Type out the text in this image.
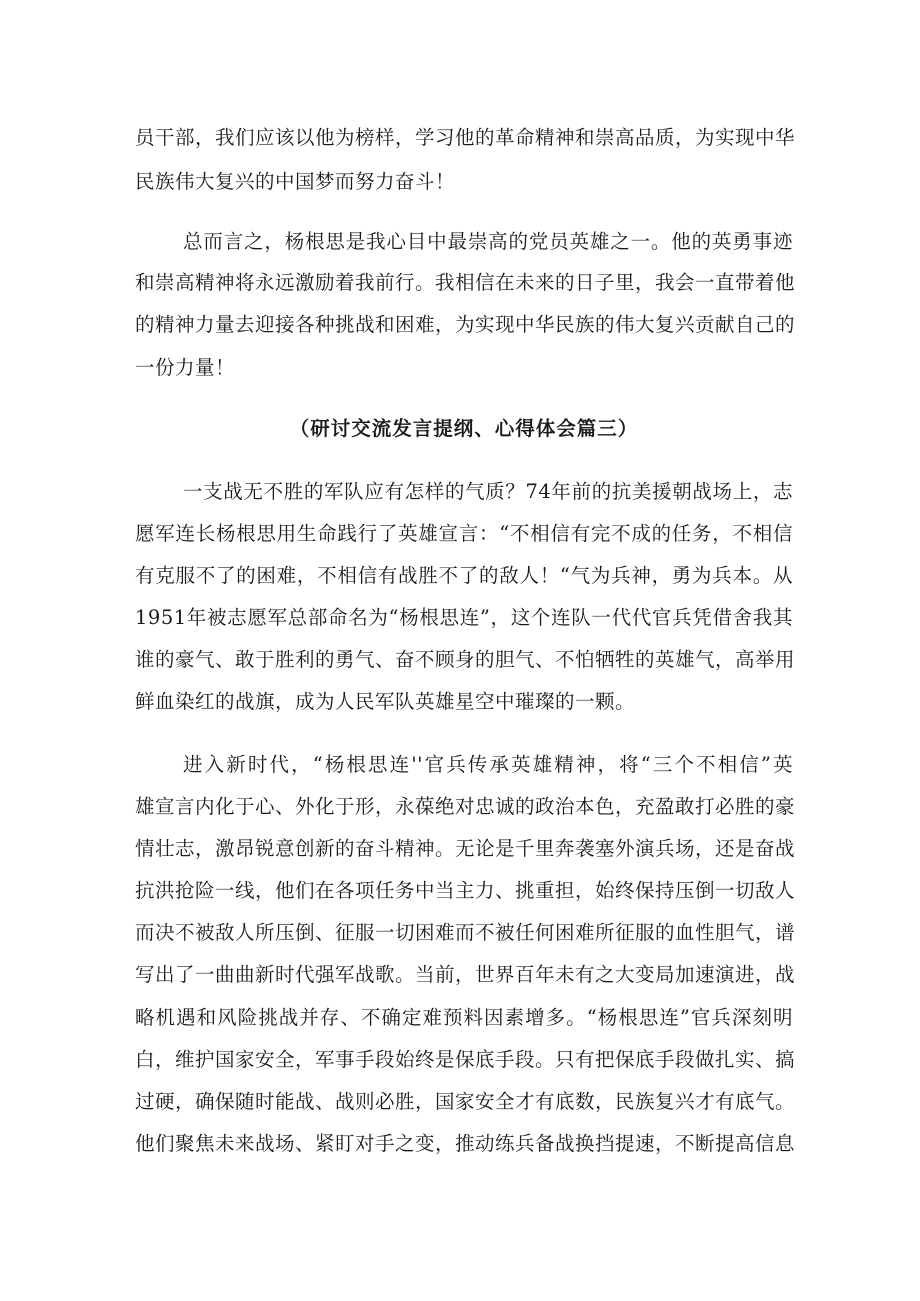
员干部，我们应该以他为榜样，学习他的革命精神和崇高品质，为实现中华
民族伟大复兴的中国梦而努力奋斗！
总而言之，杨根思是我心目中最崇高的党员英雄之一。他的英勇事迹
和崇高精神将永远激励着我前行。我相信在未来的日子里，我会一直带着他
的精神力量去迎接各种挑战和困难，为实现中华民族的伟大复兴贡献自己的
一份力量！
（研讨交流发言提纲、心得体会篇三）
一支战无不胜的军队应有怎样的气质？74年前的抗美援朝战场上，志
愿军连长杨根思用生命践行了英雄宣言：“不相信有完不成的任务，不相信
有克服不了的困难，不相信有战胜不了的敌人！“气为兵神，勇为兵本。从
1951年被志愿军总部命名为“杨根思连”，这个连队一代代官兵凭借舍我其
谁的豪气、敢于胜利的勇气、奋不顾身的胆气、不怕牺牲的英雄气，高举用
鲜血染红的战旗，成为人民军队英雄星空中璀璨的一颗。
进入新时代，“杨根思连''官兵传承英雄精神，将“三个不相信”英
雄宣言内化于心、外化于形，永葆绝对忠诚的政治本色，充盈敢打必胜的豪
情壮志，激昂锐意创新的奋斗精神。无论是千里奔袭塞外演兵场，还是奋战
抗洪抢险一线，他们在各项任务中当主力、挑重担，始终保持压倒一切敌人
而决不被敌人所压倒、征服一切困难而不被任何困难所征服的血性胆气，谱
写出了一曲曲新时代强军战歌。当前，世界百年未有之大变局加速演进，战
略机遇和风险挑战并存、不确定难预料因素增多。“杨根思连”官兵深刻明
白，维护国家安全，军事手段始终是保底手段。只有把保底手段做扎实、搞
过硬，确保随时能战、战则必胜，国家安全才有底数，民族复兴才有底气。
他们聚焦未来战场、紧盯对手之变，推动练兵备战换挡提速，不断提高信息
